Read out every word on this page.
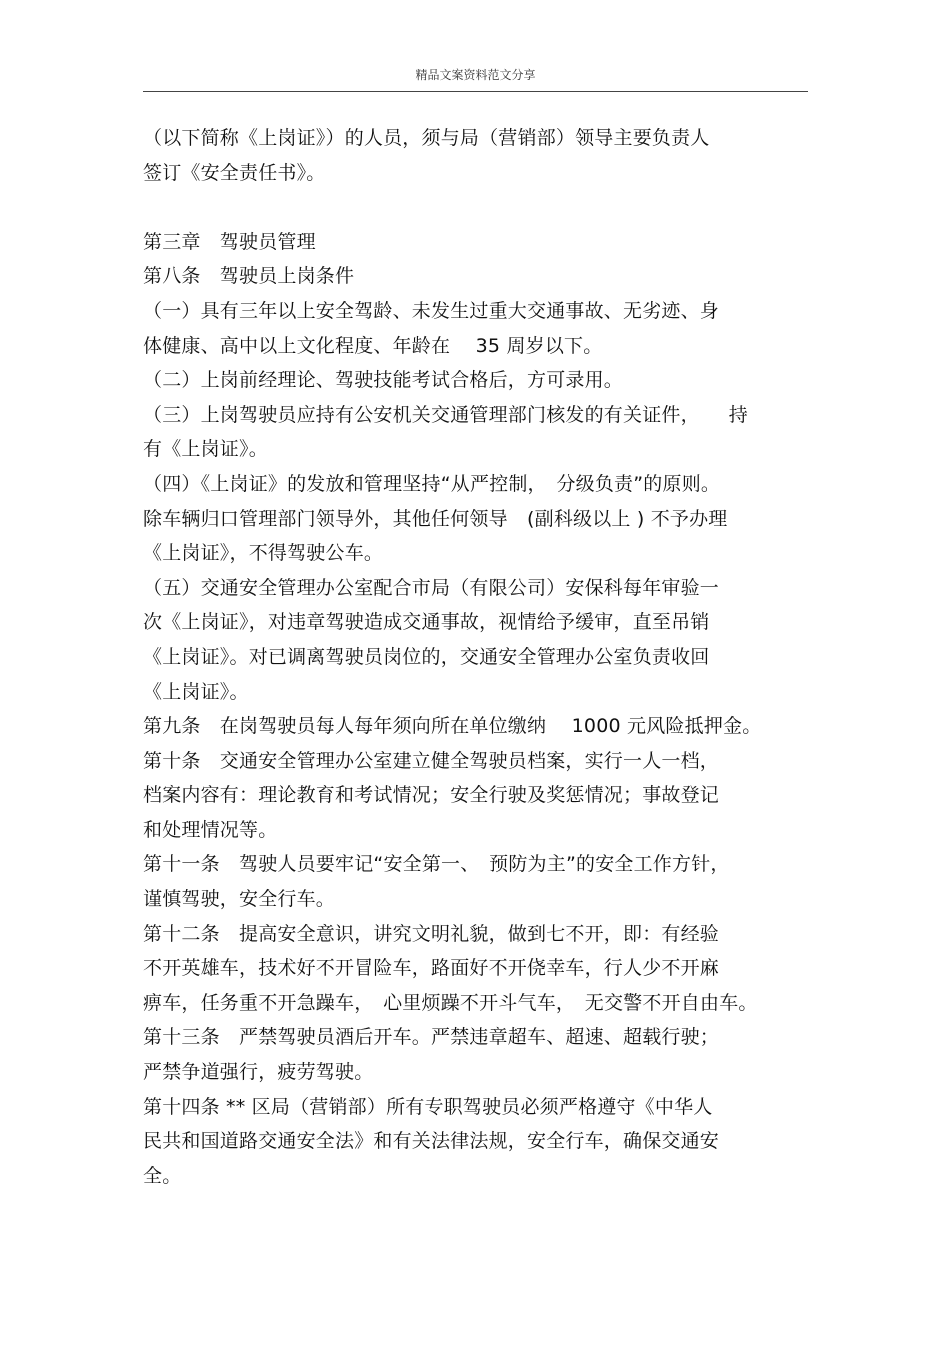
精品文案资料范文分享
（以下简称《上岗证》）的人员，须与局（营销部）领导主要负责人
签订《安全责任书》。
第三章　驾驶员管理
第八条　驾驶员上岗条件
（一）具有三年以上安全驾龄、未发生过重大交通事故、无劣迹、身
体健康、高中以上文化程度、年龄在　 35 周岁以下。
（二）上岗前经理论、驾驶技能考试合格后，方可录用。
（三）上岗驾驶员应持有公安机关交通管理部门核发的有关证件，　　持
有《上岗证》。
（四）《上岗证》的发放和管理坚持“从严控制，　分级负责”的原则。
除车辆归口管理部门领导外，其他任何领导　(副科级以上 ) 不予办理
《上岗证》，不得驾驶公车。
（五）交通安全管理办公室配合市局（有限公司）安保科每年审验一
次《上岗证》，对违章驾驶造成交通事故，视情给予缓审，直至吊销
《上岗证》。对已调离驾驶员岗位的，交通安全管理办公室负责收回
《上岗证》。
第九条　在岗驾驶员每人每年须向所在单位缴纳　 1000 元风险抵押金。
第十条　交通安全管理办公室建立健全驾驶员档案，实行一人一档，
档案内容有：理论教育和考试情况；安全行驶及奖惩情况；事故登记
和处理情况等。
第十一条　驾驶人员要牢记“安全第一、　预防为主”的安全工作方针，
谨慎驾驶，安全行车。
第十二条　提高安全意识，讲究文明礼貌，做到七不开，即：有经验
不开英雄车，技术好不开冒险车，路面好不开侥幸车，行人少不开麻
痹车，任务重不开急躁车，　心里烦躁不开斗气车，　无交警不开自由车。
第十三条　严禁驾驶员酒后开车。严禁违章超车、超速、超载行驶；
严禁争道强行，疲劳驾驶。
第十四条 ** 区局（营销部）所有专职驾驶员必须严格遵守《中华人
民共和国道路交通安全法》和有关法律法规，安全行车，确保交通安
全。
